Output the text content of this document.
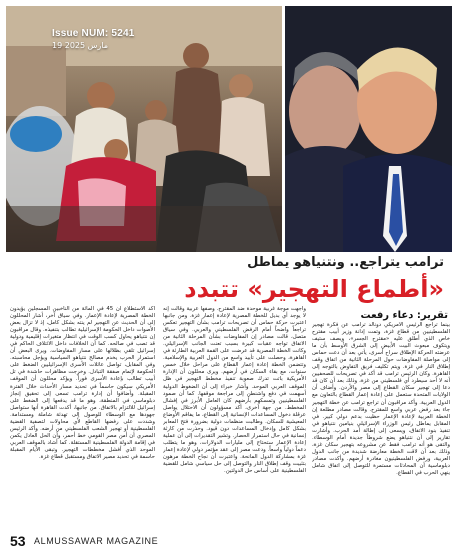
Issue NUM: 5241
19 مارس 2025
ترامب يتراجع.. ونتنياهو يماطل
«أطماع التهجير» تتبدد
تقرير: دعاء رفعت

بينما تراجع الرئيس الأمريكي دونالد ترامب عن فكرة تهجير الفلسطينيين من قطاع غزة، وتمت إدانة وزير أبيب مقترح خاص الذي أطلق عليه «مقترح الجسر»، ويصف ستيف ويتكوف مبعوث البيت الأبيض إلى الشرق الأوسط بأن ما عرضته الحركة الإطلاق سراح أسرى، يأتي بعد أن دعت حماس إلى مواصلة المفاوضات حول المرحلة الثانية من اتفاق وقف إطلاق النار في غزة. ويتم تكليف فريق التفاوض بالتوجه إلى القاهرة. وكان الرئيس ترامب قد أكد في تصريحات للصحفيين أنه لا أحد سيطرد أي فلسطيني من غزة، وذلك بعد أن كان قد دعا إلى تهجير سكان القطاع إلى مصر والأردن. وأضاف أن الولايات المتحدة ستعمل على إعادة إعمار القطاع بالتعاون مع الدول العربية. وأكد مراقبون أن تراجع ترامب عن خطة التهجير جاء بعد رفض عربي واسع للمقترح. وقالت مصادر مطلعة إن الخطة العربية لإعادة الإعمار حظيت بدعم دولي كبير. في المقابل يماطل رئيس الوزراء الإسرائيلي بنيامين نتنياهو في تنفيذ بنود الاتفاق، ويسعى إلى إطالة أمد الحرب. وأشارت تقارير إلى أن نتنياهو يضع شروطاً جديدة أمام الوسطاء. والتقى هو أنه ترامب فقط عن مشروعه بتهجير سكان غزة، وذلك بعد أن لاقت الخطة معارضة شديدة من جانب الدول العربية، ورفض الفلسطينيون مغادرة أرضهم. وأكدت مصادر دبلوماسية أن المحادثات مستمرة للتوصل إلى اتفاق شامل ينهي الحرب في القطاع.

واجهت موجة غربية موحدة ضد المقترح. وصفها عربية وقالت إنه لا يوجد أي بديل للخطة المصرية لإعادة إعمار غزة. ومن جانبها اعتبرت حركة حماس أن تصريحات ترامب بشأن التهجير تعكس تراجعاً واضحاً أمام الرفض الفلسطيني والعربي. وفي سياق متصل، قالت مصادر إن المفاوضات بشأن المرحلة الثانية من الاتفاق تواجه عقبات كبيرة بسبب تعنت الجانب الإسرائيلي. وكانت الخطة المصرية قد عرضت على القمة العربية الطارئة في القاهرة، وحصلت على تأييد واسع من الدول العربية والإسلامية. وتتضمن الخطة إعادة إعمار القطاع على مراحل خلال خمس سنوات، مع بقاء السكان في أرضهم. ويرى محللون أن الإدارة الأمريكية باتت تدرك صعوبة تنفيذ مخطط التهجير في ظل الموقف العربي الموحد. وأشار خبراء إلى أن الضغوط الدولية أسهمت في دفع واشنطن إلى مراجعة موقفها. كما أن صمود الفلسطينيين وتمسكهم بأرضهم كان العامل الأبرز في إفشال المخطط. من جهة أخرى، أكد مسؤولون أن الاحتلال يواصل عرقلة دخول المساعدات الإنسانية إلى القطاع، ما يفاقم الأوضاع المعيشية للسكان. وطالبت منظمات دولية بضرورة فتح المعابر بشكل كامل وإدخال المساعدات دون قيود. وحذرت من كارثة إنسانية في حال استمرار الحصار. وتشير التقديرات إلى أن عملية إعادة الإعمار ستحتاج إلى مليارات الدولارات، وهو ما يتطلب دعماً دولياً واسعاً. ودعت مصر إلى عقد مؤتمر دولي لإعادة إعمار غزة بمشاركة الدول المانحة. واعتبرت أن نجاح الخطة مرهون بتثبيت وقف إطلاق النار والتوصل إلى حل سياسي شامل للقضية الفلسطينية على أساس حل الدولتين.

أكد الاستطلاع أن 45 في المائة من الناخبين المسجلين يؤيدون الخطة المصرية لإعادة الإعمار. وفي سياق آخر، أشار المحللون إلى أن الحديث عن التهجير لم ينته بشكل كامل، إذ لا تزال بعض الأصوات داخل الحكومة الإسرائيلية تطالب بتنفيذه. وقال مراقبون إن نتنياهو يحاول كسب الوقت في انتظار متغيرات إقليمية ودولية قد تصب في صالحه. كما أن الخلافات داخل الائتلاف الحاكم في إسرائيل تلقي بظلالها على مسار المفاوضات. ويرى البعض أن استمرار الحرب يخدم مصالح نتنياهو السياسية ويؤجل محاسبته. وفي المقابل، تواصل عائلات الأسرى الإسرائيليين الضغط على الحكومة لإتمام صفقة التبادل. وخرجت مظاهرات حاشدة في تل أبيب تطالب بإعادة الأسرى فوراً. ويؤكد محللون أن الموقف الأمريكي سيكون حاسماً في تحديد مسار الأحداث خلال الفترة المقبلة. وأضافوا أن إدارة ترامب تسعى إلى تحقيق إنجاز دبلوماسي في المنطقة، وهو ما قد يدفعها إلى الضغط على إسرائيل للالتزام بالاتفاق. من جانبها، أكدت القاهرة أنها ستواصل جهودها مع الوسطاء للوصول إلى تهدئة شاملة ومستدامة. وشددت على رفضها القاطع لأي محاولات لتصفية القضية الفلسطينية أو تهجير الشعب الفلسطيني من أرضه. وأكد الرئيس المصري أن أمن مصر القومي خط أحمر، وأن الحل العادل يكمن في إقامة الدولة الفلسطينية المستقلة. كما أشاد بالموقف العربي الموحد الذي أفشل مخططات التهجير. وتبقى الأيام المقبلة حاسمة في تحديد مصير الاتفاق ومستقبل قطاع غزة.

53 ALMUSSAWAR MAGAZINE
